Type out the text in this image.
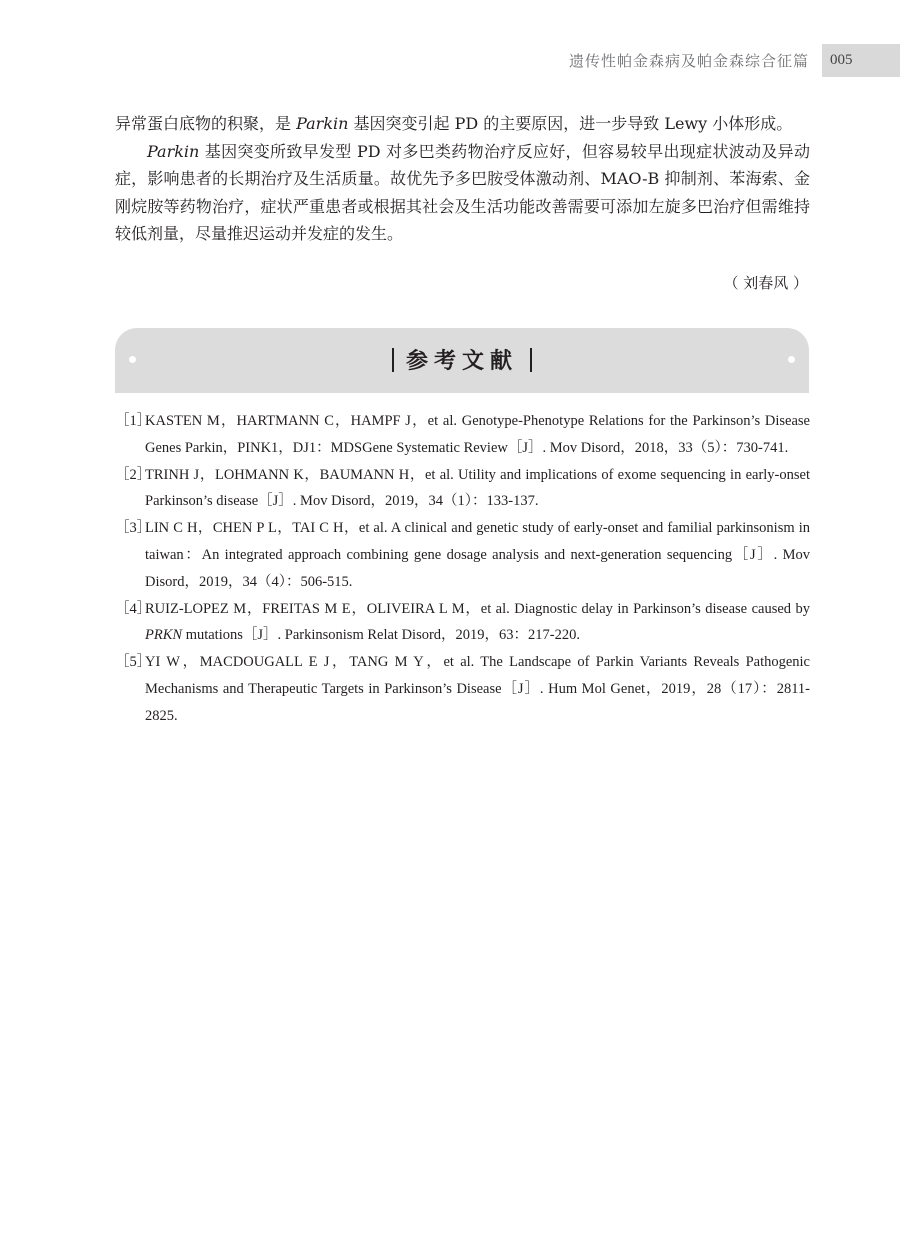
遗传性帕金森病及帕金森综合征篇	005

异常蛋白底物的积聚，是 Parkin 基因突变引起 PD 的主要原因，进一步导致 Lewy 小体形成。

Parkin 基因突变所致早发型 PD 对多巴类药物治疗反应好，但容易较早出现症状波动及异动症，影响患者的长期治疗及生活质量。故优先予多巴胺受体激动剂、MAO-B 抑制剂、苯海索、金刚烷胺等药物治疗，症状严重患者或根据其社会及生活功能改善需要可添加左旋多巴治疗但需维持较低剂量，尽量推迟运动并发症的发生。

（ 刘春风 ）
参考文献
［1］
KASTEN M，HARTMANN C，HAMPF J，et al. Genotype-Phenotype Relations for the Parkinson’s Disease Genes Parkin，PINK1，DJ1：MDSGene Systematic Review［J］. Mov Disord，2018，33（5）：730-741.
［2］
TRINH J，LOHMANN K，BAUMANN H，et al. Utility and implications of exome sequencing in early-onset Parkinson’s disease［J］. Mov Disord，2019，34（1）：133-137.
［3］
LIN C H，CHEN P L，TAI C H，et al. A clinical and genetic study of early-onset and familial parkinsonism in taiwan：An integrated approach combining gene dosage analysis and next-generation sequencing［J］. Mov Disord，2019，34（4）：506-515.
［4］
RUIZ-LOPEZ M，FREITAS M E，OLIVEIRA L M，et al. Diagnostic delay in Parkinson’s disease caused by PRKN mutations［J］. Parkinsonism Relat Disord，2019，63：217-220.
［5］
YI W，MACDOUGALL E J，TANG M Y，et al. The Landscape of Parkin Variants Reveals Pathogenic Mechanisms and Therapeutic Targets in Parkinson’s Disease［J］. Hum Mol Genet，2019，28（17）：2811-2825.
